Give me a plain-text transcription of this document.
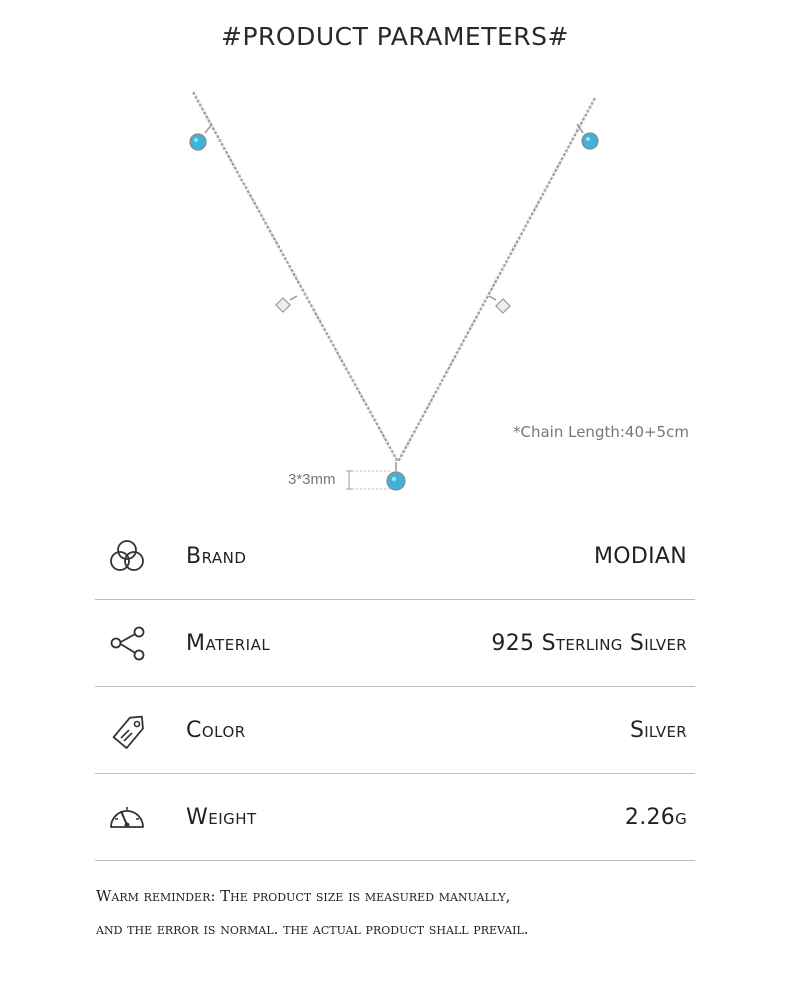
#PRODUCT PARAMETERS#
*Chain Length:40+5cm
3*3mm
Brand	MODIAN
Material	925 Sterling Silver
Color	Silver
Weight	2.26g
Warm reminder: The product size is measured manually,
and the error is normal. the actual product shall prevail.
